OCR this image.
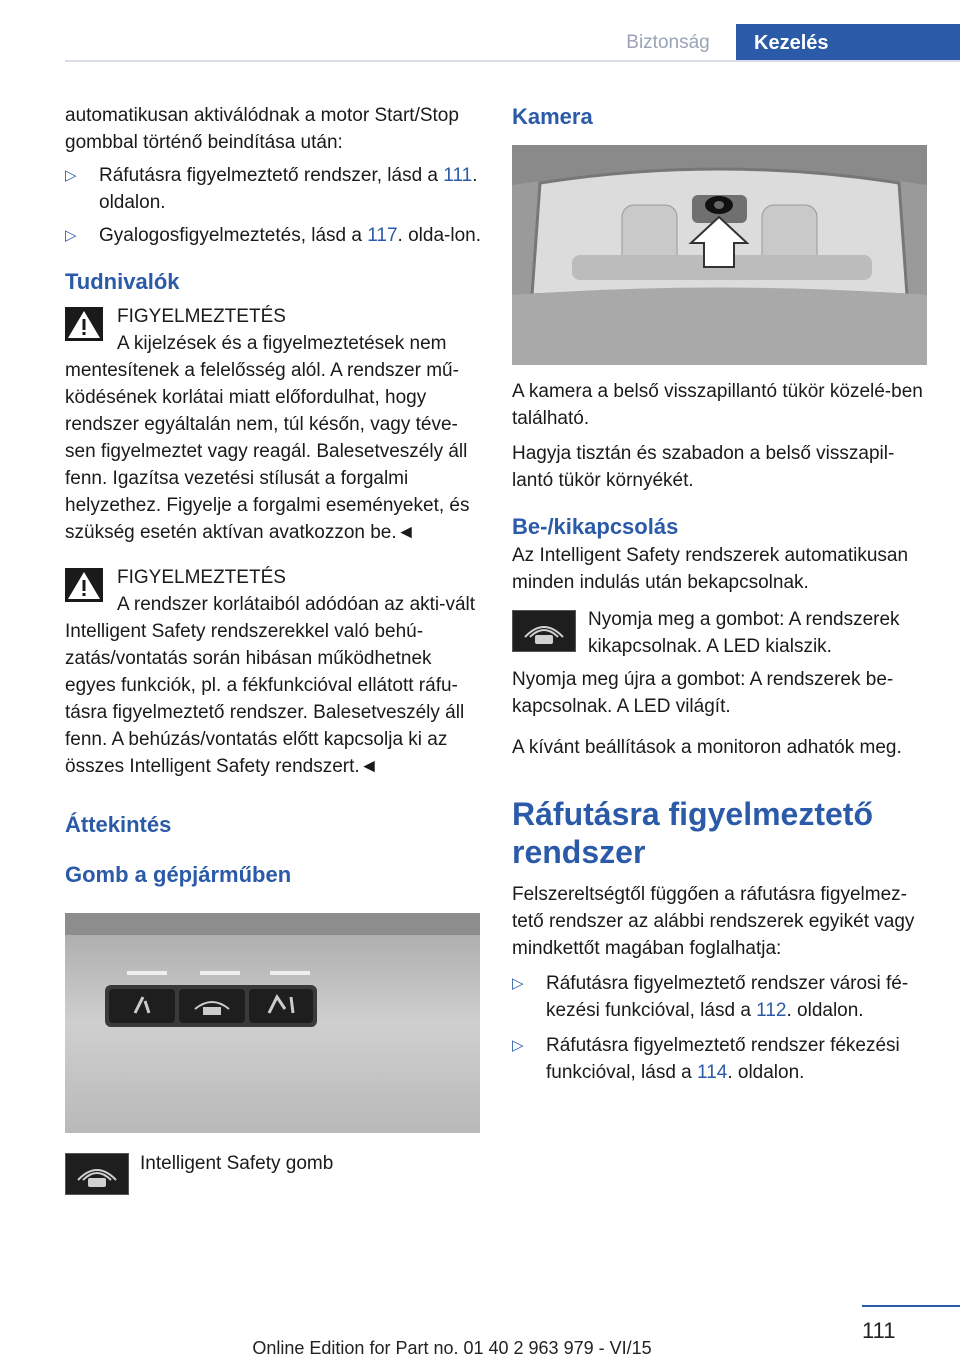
Biztonság	Kezelés

automatikusan aktiválódnak a motor Start/Stop gombbal történő beindítása után:

▷ Ráfutásra figyelmeztető rendszer, lásd a 111. oldalon.
▷ Gyalogosfigyelmeztetés, lásd a 117. olda-lon.

Tudnivalók

FIGYELMEZTETÉS

A kijelzések és a figyelmeztetések nem mentesítenek a felelősség alól. A rendszer mű-ködésének korlátai miatt előfordulhat, hogy rendszer egyáltalán nem, túl későn, vagy téve-sen figyelmeztet vagy reagál. Balesetveszély áll fenn. Igazítsa vezetési stílusát a forgalmi helyzethez. Figyelje a forgalmi eseményeket, és szükség esetén aktívan avatkozzon be.◄

FIGYELMEZTETÉS

A rendszer korlátaiból adódóan az akti-vált Intelligent Safety rendszerekkel való behú-zatás/vontatás során hibásan működhetnek egyes funkciók, pl. a fékfunkcióval ellátott ráfu-tásra figyelmeztető rendszer. Balesetveszély áll fenn. A behúzás/vontatás előtt kapcsolja ki az összes Intelligent Safety rendszert.◄

Áttekintés

Gomb a gépjárműben

Intelligent Safety gomb

Kamera

A kamera a belső visszapillantó tükör közelé-ben található.

Hagyja tisztán és szabadon a belső visszapil-lantó tükör környékét.

Be-/kikapcsolás

Az Intelligent Safety rendszerek automatikusan minden indulás után bekapcsolnak.

Nyomja meg a gombot: A rendszerek kikapcsolnak. A LED kialszik.

Nyomja meg újra a gombot: A rendszerek be-kapcsolnak. A LED világít.

A kívánt beállítások a monitoron adhatók meg.

Ráfutásra figyelmeztető rendszer

Felszereltségtől függően a ráfutásra figyelmez-tető rendszer az alábbi rendszerek egyikét vagy mindkettőt magában foglalhatja:

▷ Ráfutásra figyelmeztető rendszer városi fé-kezési funkcióval, lásd a 112. oldalon.
▷ Ráfutásra figyelmeztető rendszer fékezési funkcióval, lásd a 114. oldalon.
111
Online Edition for Part no. 01 40 2 963 979 - VI/15
